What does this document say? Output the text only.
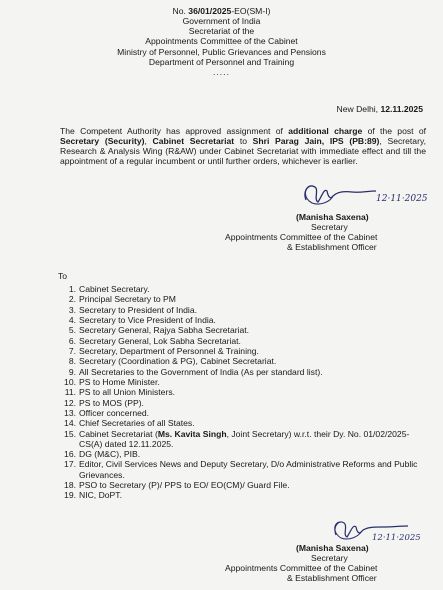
No. 36/01/2025-EO(SM-I)
Government of India
Secretariat of the
Appointments Committee of the Cabinet
Ministry of Personnel, Public Grievances and Pensions
Department of Personnel and Training
.....
New Delhi, 12.11.2025
The Competent Authority has approved assignment of additional charge of the post of Secretary (Security), Cabinet Secretariat to Shri Parag Jain, IPS (PB:89), Secretary, Research & Analysis Wing (R&AW) under Cabinet Secretariat with immediate effect and till the appointment of a regular incumbent or until further orders, whichever is earlier.
12·11·2025
(Manisha Saxena)
Secretary
Appointments Committee of the Cabinet
& Establishment Officer
To
1. Cabinet Secretary.
2. Principal Secretary to PM
3. Secretary to President of India.
4. Secretary to Vice President of India.
5. Secretary General, Rajya Sabha Secretariat.
6. Secretary General, Lok Sabha Secretariat.
7. Secretary, Department of Personnel & Training.
8. Secretary (Coordination & PG), Cabinet Secretariat.
9. All Secretaries to the Government of India (As per standard list).
10. PS to Home Minister.
11. PS to all Union Ministers.
12. PS to MOS (PP).
13. Officer concerned.
14. Chief Secretaries of all States.
15. Cabinet Secretariat (Ms. Kavita Singh, Joint Secretary) w.r.t. their Dy. No. 01/02/2025-CS(A) dated 12.11.2025.
16. DG (M&C), PIB.
17. Editor, Civil Services News and Deputy Secretary, D/o Administrative Reforms and Public Grievances.
18. PSO to Secretary (P)/ PPS to EO/ EO(CM)/ Guard File.
19. NIC, DoPT.
12·11·2025
(Manisha Saxena)
Secretary
Appointments Committee of the Cabinet
& Establishment Officer
